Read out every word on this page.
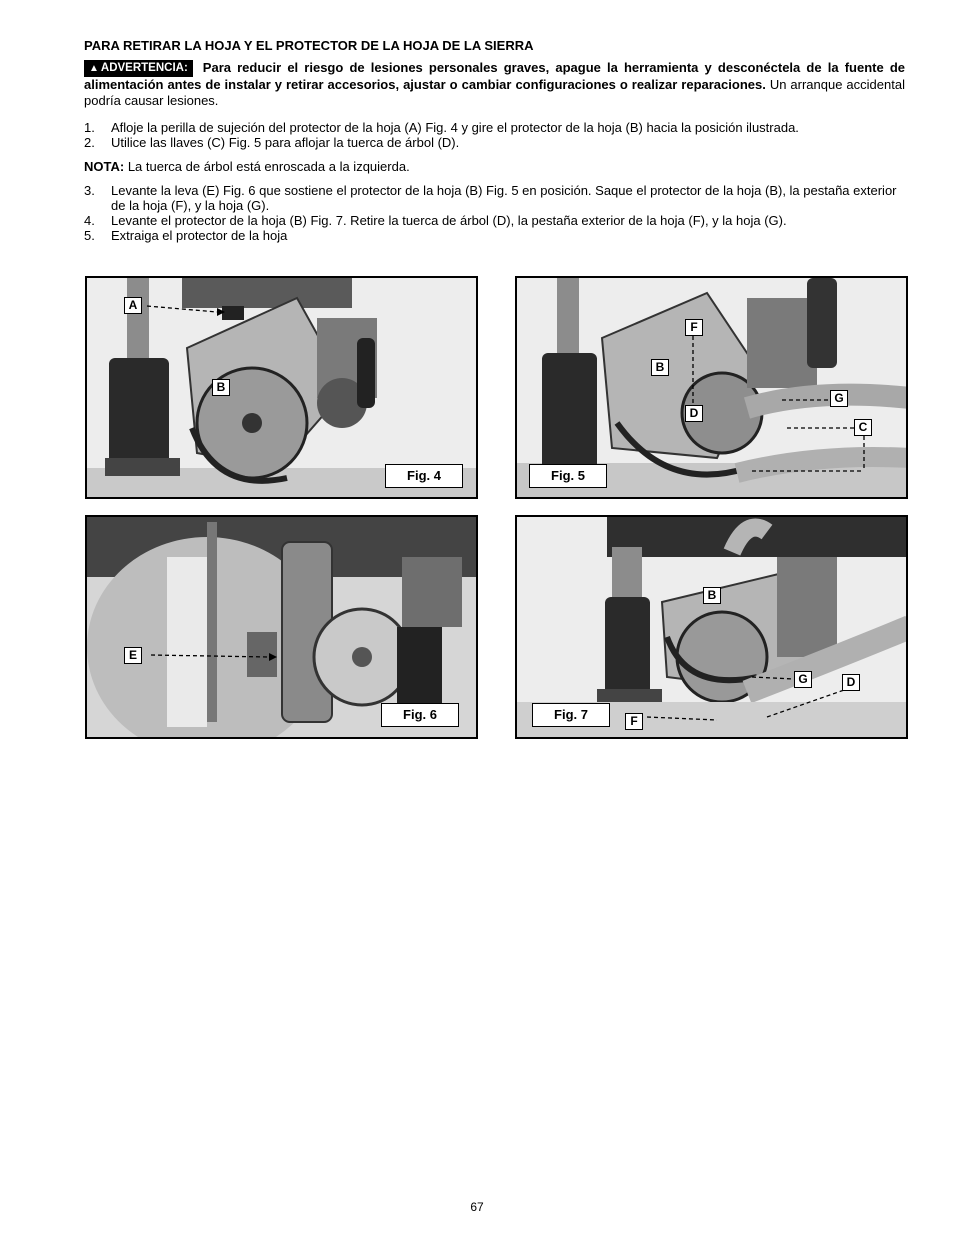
PARA RETIRAR LA HOJA Y EL PROTECTOR DE LA HOJA DE LA SIERRA
▲ ADVERTENCIA: Para reducir el riesgo de lesiones personales graves, apague la herramienta y desconéctela de la fuente de alimentación antes de instalar y retirar accesorios, ajustar o cambiar configuraciones o realizar reparaciones. Un arranque accidental podría causar lesiones.
1.	Afloje la perilla de sujeción del protector de la hoja (A) Fig. 4 y gire el protector de la hoja (B) hacia la posición ilustrada.
2.	Utilice las llaves (C) Fig. 5 para aflojar la tuerca de árbol (D).
NOTA: La tuerca de árbol está enroscada a la izquierda.
3.	Levante la leva (E) Fig. 6 que sostiene el protector de la hoja (B) Fig. 5 en posición. Saque el protector de la hoja (B), la pestaña exterior de la hoja (F), y la hoja (G).
4.	Levante el protector de la hoja (B) Fig. 7. Retire la tuerca de árbol (D), la pestaña exterior de la hoja (F), y la hoja (G).
5.	Extraiga el protector de la hoja
A
B
Fig. 4
F
B
D
G
C
Fig. 5
E
Fig. 6
B
G	D
F
Fig. 7
67
